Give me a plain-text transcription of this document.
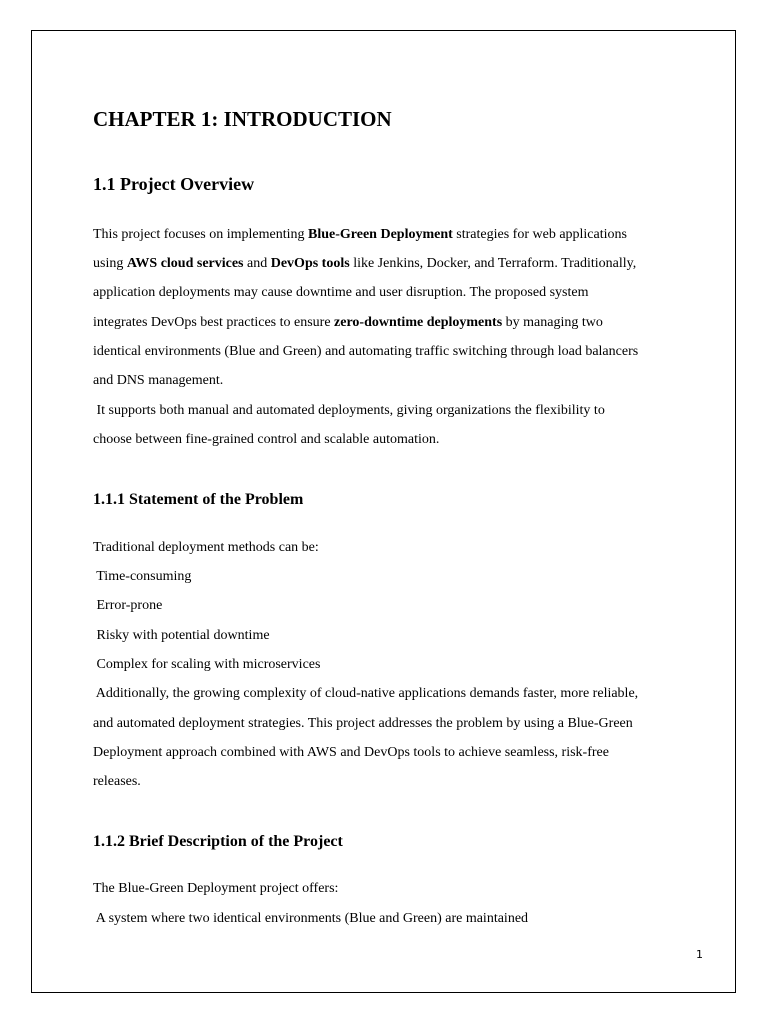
CHAPTER 1: INTRODUCTION
1.1 Project Overview

This project focuses on implementing Blue-Green Deployment strategies for web applications

using AWS cloud services and DevOps tools like Jenkins, Docker, and Terraform. Traditionally,

application deployments may cause downtime and user disruption. The proposed system

integrates DevOps best practices to ensure zero-downtime deployments by managing two

identical environments (Blue and Green) and automating traffic switching through load balancers

and DNS management.

It supports both manual and automated deployments, giving organizations the flexibility to

choose between fine-grained control and scalable automation.

1.1.1 Statement of the Problem

Traditional deployment methods can be:

Time-consuming

Error-prone

Risky with potential downtime

Complex for scaling with microservices

Additionally, the growing complexity of cloud-native applications demands faster, more reliable,

and automated deployment strategies. This project addresses the problem by using a Blue-Green

Deployment approach combined with AWS and DevOps tools to achieve seamless, risk-free

releases.

1.1.2 Brief Description of the Project

The Blue-Green Deployment project offers:

A system where two identical environments (Blue and Green) are maintained

1
